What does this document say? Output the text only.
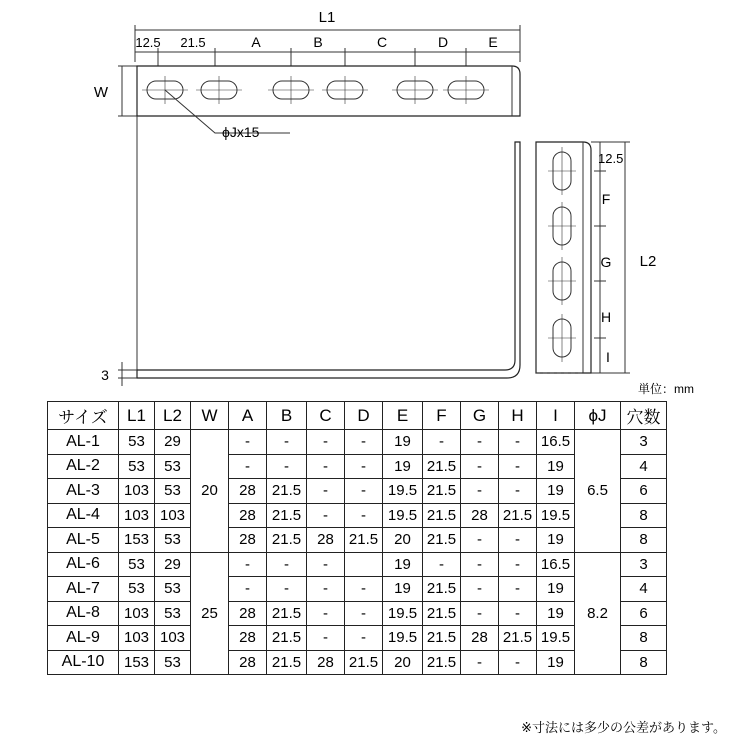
L1
12.5 21.5	A	B	C	D	E
W
ϕJx15
3
12.5
F
G
H
I
L2
単位：mm
サイズ	L1	L2	W	A	B	C	D	E	F	G	H	I	ϕJ	穴数
AL-1	53	29	20	-	-	-	-	19	-	-	-	16.5	6.5	3
AL-2	53	53		-	-	-	-	19	21.5	-	-	19		4
AL-3	103	53		28	21.5	-	-	19.5	21.5	-	-	19		6
AL-4	103	103		28	21.5	-	-	19.5	21.5	28	21.5	19.5		8
AL-5	153	53		28	21.5	28	21.5	20	21.5	-	-	19		8
AL-6	53	29	25	-	-	-		19	-	-	-	16.5	8.2	3
AL-7	53	53		-	-	-	-	19	21.5	-	-	19		4
AL-8	103	53		28	21.5	-	-	19.5	21.5	-	-	19		6
AL-9	103	103		28	21.5	-	-	19.5	21.5	28	21.5	19.5		8
AL-10	153	53		28	21.5	28	21.5	20	21.5	-	-	19		8
※寸法には多少の公差があります。
